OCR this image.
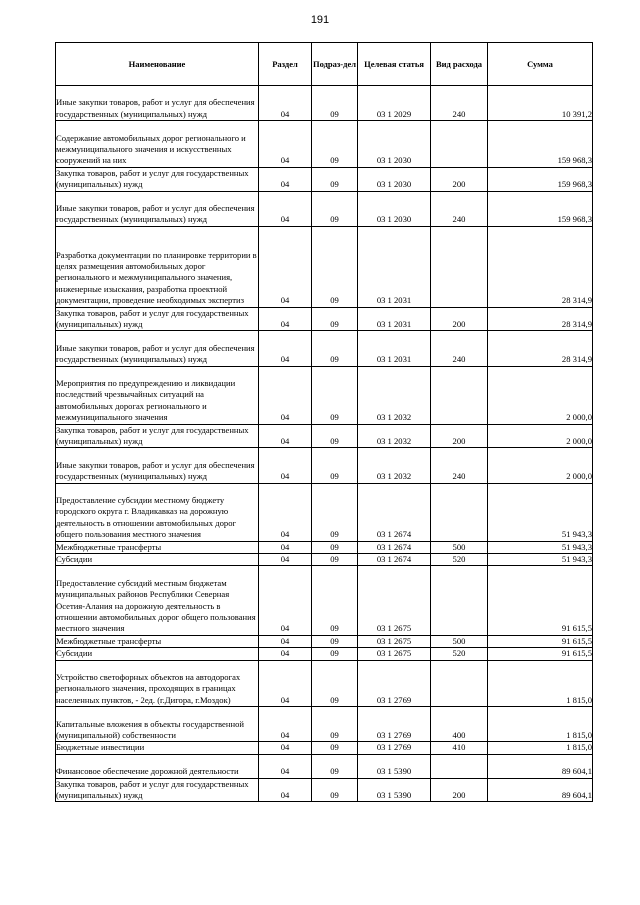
191
Наименование	Раздел	Подраз-дел	Целевая статья	Вид расхода	Сумма
Иные закупки товаров, работ и услуг для обеспечения государственных (муниципальных) нужд	04	09	03 1 2029	240	10 391,2
Содержание автомобильных дорог регионального и межмуниципального значения и искусственных сооружений на них	04	09	03 1 2030		159 968,3
Закупка товаров, работ и услуг для государственных (муниципальных) нужд	04	09	03 1 2030	200	159 968,3
Иные закупки товаров, работ и услуг для обеспечения государственных (муниципальных) нужд	04	09	03 1 2030	240	159 968,3
Разработка документации по планировке территории в целях размещения автомобильных дорог регионального и межмуниципального значения, инженерные изыскания, разработка проектной документации, проведение необходимых экспертиз	04	09	03 1 2031		28 314,9
Закупка товаров, работ и услуг для государственных (муниципальных) нужд	04	09	03 1 2031	200	28 314,9
Иные закупки товаров, работ и услуг для обеспечения государственных (муниципальных) нужд	04	09	03 1 2031	240	28 314,9
Мероприятия по предупреждению и ликвидации последствий чрезвычайных ситуаций на автомобильных дорогах регионального и межмуниципального значения	04	09	03 1 2032		2 000,0
Закупка товаров, работ и услуг для государственных (муниципальных) нужд	04	09	03 1 2032	200	2 000,0
Иные закупки товаров, работ и услуг для обеспечения государственных (муниципальных) нужд	04	09	03 1 2032	240	2 000,0
Предоставление субсидии местному бюджету городского округа г. Владикавказ на дорожную деятельность в отношении автомобильных дорог общего пользования местного значения	04	09	03 1 2674		51 943,3
Межбюджетные трансферты	04	09	03 1 2674	500	51 943,3
Субсидии	04	09	03 1 2674	520	51 943,3
Предоставление субсидий местным бюджетам муниципальных районов Республики Северная Осетия-Алания на дорожную деятельность в отношении автомобильных дорог общего пользования местного значения	04	09	03 1 2675		91 615,5
Межбюджетные трансферты	04	09	03 1 2675	500	91 615,5
Субсидии	04	09	03 1 2675	520	91 615,5
Устройство светофорных объектов на автодорогах регионального значения, проходящих в границах населенных пунктов, - 2ед. (г.Дигора, г.Моздок)	04	09	03 1 2769		1 815,0
Капитальные вложения в объекты государственной (муниципальной) собственности	04	09	03 1 2769	400	1 815,0
Бюджетные инвестиции	04	09	03 1 2769	410	1 815,0
Финансовое обеспечение дорожной деятельности	04	09	03 1 5390		89 604,1
Закупка товаров, работ и услуг для государственных (муниципальных) нужд	04	09	03 1 5390	200	89 604,1
